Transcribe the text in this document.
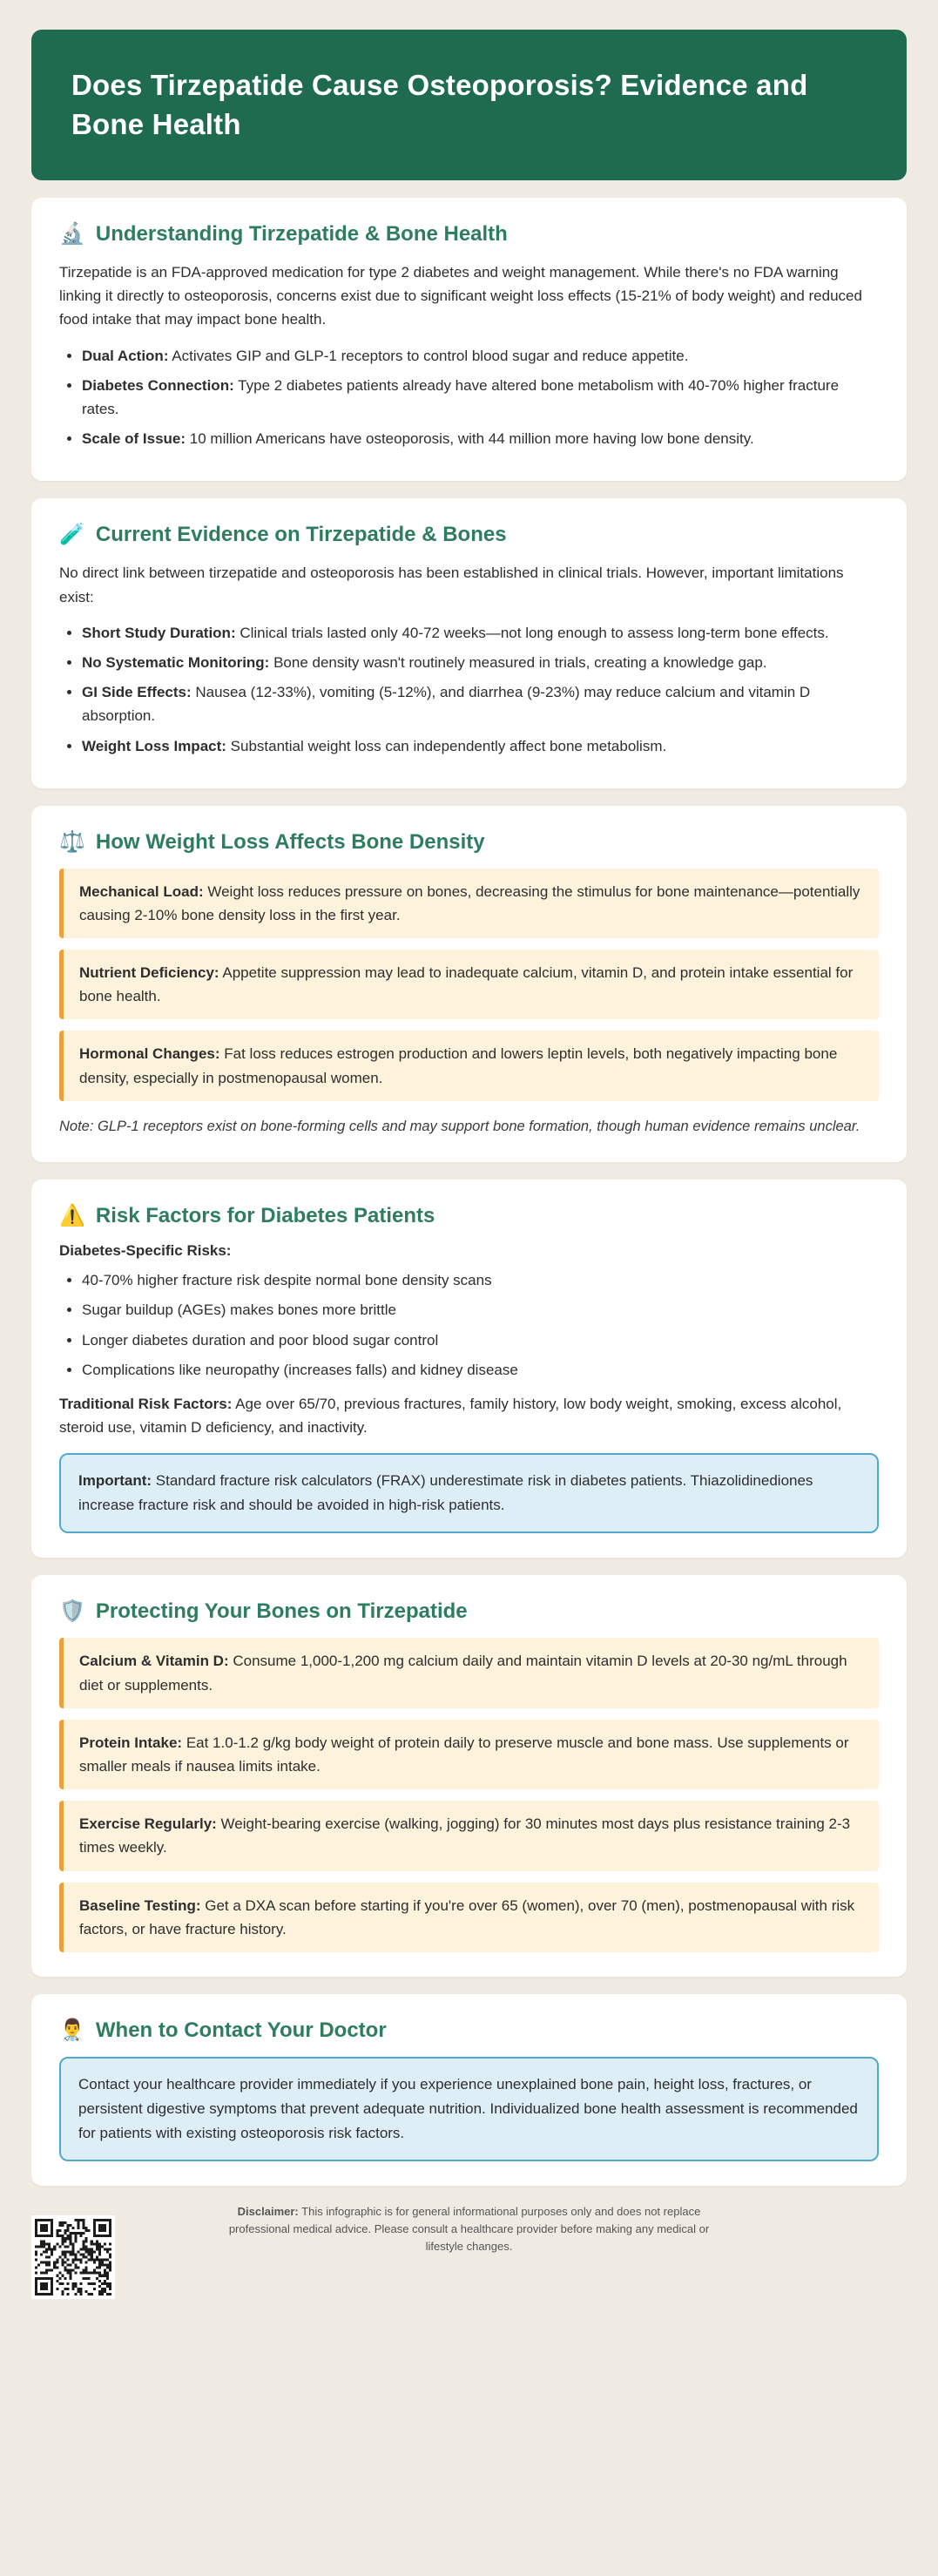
Does Tirzepatide Cause Osteoporosis? Evidence and Bone Health
🔬 Understanding Tirzepatide & Bone Health

Tirzepatide is an FDA-approved medication for type 2 diabetes and weight management. While there's no FDA warning linking it directly to osteoporosis, concerns exist due to significant weight loss effects (15-21% of body weight) and reduced food intake that may impact bone health.

• Dual Action: Activates GIP and GLP-1 receptors to control blood sugar and reduce appetite.
• Diabetes Connection: Type 2 diabetes patients already have altered bone metabolism with 40-70% higher fracture rates.
• Scale of Issue: 10 million Americans have osteoporosis, with 44 million more having low bone density.
🧪 Current Evidence on Tirzepatide & Bones

No direct link between tirzepatide and osteoporosis has been established in clinical trials. However, important limitations exist:

• Short Study Duration: Clinical trials lasted only 40-72 weeks—not long enough to assess long-term bone effects.
• No Systematic Monitoring: Bone density wasn't routinely measured in trials, creating a knowledge gap.
• GI Side Effects: Nausea (12-33%), vomiting (5-12%), and diarrhea (9-23%) may reduce calcium and vitamin D absorption.
• Weight Loss Impact: Substantial weight loss can independently affect bone metabolism.
⚖️ How Weight Loss Affects Bone Density
Mechanical Load: Weight loss reduces pressure on bones, decreasing the stimulus for bone maintenance—potentially causing 2-10% bone density loss in the first year.
Nutrient Deficiency: Appetite suppression may lead to inadequate calcium, vitamin D, and protein intake essential for bone health.
Hormonal Changes: Fat loss reduces estrogen production and lowers leptin levels, both negatively impacting bone density, especially in postmenopausal women.

Note: GLP-1 receptors exist on bone-forming cells and may support bone formation, though human evidence remains unclear.

⚠️ Risk Factors for Diabetes Patients

Diabetes-Specific Risks:

• 40-70% higher fracture risk despite normal bone density scans
• Sugar buildup (AGEs) makes bones more brittle
• Longer diabetes duration and poor blood sugar control
• Complications like neuropathy (increases falls) and kidney disease

Traditional Risk Factors: Age over 65/70, previous fractures, family history, low body weight, smoking, excess alcohol, steroid use, vitamin D deficiency, and inactivity.

Important: Standard fracture risk calculators (FRAX) underestimate risk in diabetes patients. Thiazolidinediones increase fracture risk and should be avoided in high-risk patients.
🛡️ Protecting Your Bones on Tirzepatide
Calcium & Vitamin D: Consume 1,000-1,200 mg calcium daily and maintain vitamin D levels at 20-30 ng/mL through diet or supplements.
Protein Intake: Eat 1.0-1.2 g/kg body weight of protein daily to preserve muscle and bone mass. Use supplements or smaller meals if nausea limits intake.
Exercise Regularly: Weight-bearing exercise (walking, jogging) for 30 minutes most days plus resistance training 2-3 times weekly.
Baseline Testing: Get a DXA scan before starting if you're over 65 (women), over 70 (men), postmenopausal with risk factors, or have fracture history.
👨‍⚕️ When to Contact Your Doctor
Contact your healthcare provider immediately if you experience unexplained bone pain, height loss, fractures, or persistent digestive symptoms that prevent adequate nutrition. Individualized bone health assessment is recommended for patients with existing osteoporosis risk factors.

Disclaimer: This infographic is for general informational purposes only and does not replace professional medical advice. Please consult a healthcare provider before making any medical or lifestyle changes.
